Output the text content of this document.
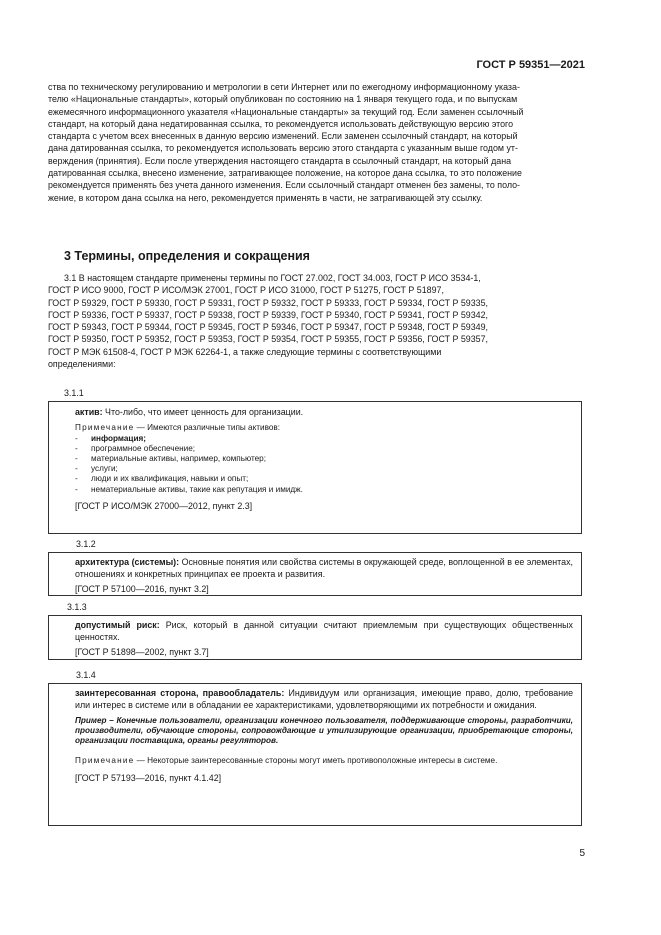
ГОСТ Р 59351—2021

ства по техническому регулированию и метрологии в сети Интернет или по ежегодному информационному указа-

телю «Национальные стандарты», который опубликован по состоянию на 1 января текущего года, и по выпускам

ежемесячного информационного указателя «Национальные стандарты» за текущий год. Если заменен ссылочный

стандарт, на который дана недатированная ссылка, то рекомендуется использовать действующую версию этого

стандарта с учетом всех внесенных в данную версию изменений. Если заменен ссылочный стандарт, на который

дана датированная ссылка, то рекомендуется использовать версию этого стандарта с указанным выше годом ут-

верждения (принятия). Если после утверждения настоящего стандарта в ссылочный стандарт, на который дана

датированная ссылка, внесено изменение, затрагивающее положение, на которое дана ссылка, то это положение

рекомендуется применять без учета данного изменения. Если ссылочный стандарт отменен без замены, то поло-

жение, в котором дана ссылка на него, рекомендуется применять в части, не затрагивающей эту ссылку.

3 Термины, определения и сокращения

3.1 В настоящем стандарте применены термины по ГОСТ 27.002, ГОСТ 34.003, ГОСТ Р ИСО 3534-1,

ГОСТ Р ИСО 9000, ГОСТ Р ИСО/МЭК 27001, ГОСТ Р ИСО 31000, ГОСТ Р 51275, ГОСТ Р 51897,

ГОСТ Р 59329, ГОСТ Р 59330, ГОСТ Р 59331, ГОСТ Р 59332, ГОСТ Р 59333, ГОСТ Р 59334, ГОСТ Р 59335,

ГОСТ Р 59336, ГОСТ Р 59337, ГОСТ Р 59338, ГОСТ Р 59339, ГОСТ Р 59340, ГОСТ Р 59341, ГОСТ Р 59342,

ГОСТ Р 59343, ГОСТ Р 59344, ГОСТ Р 59345, ГОСТ Р 59346, ГОСТ Р 59347, ГОСТ Р 59348, ГОСТ Р 59349,

ГОСТ Р 59350, ГОСТ Р 59352, ГОСТ Р 59353, ГОСТ Р 59354, ГОСТ Р 59355, ГОСТ Р 59356, ГОСТ Р 59357,

ГОСТ Р МЭК 61508-4, ГОСТ Р МЭК 62264-1, а также следующие термины с соответствующими

определениями:

3.1.1
актив: Что-либо, что имеет ценность для организации.
Примечание — Имеются различные типы активов:
- информация;
- программное обеспечение;
- материальные активы, например, компьютер;
- услуги;
- люди и их квалификация, навыки и опыт;
- нематериальные активы, такие как репутация и имидж.
[ГОСТ Р ИСО/МЭК 27000—2012, пункт 2.3]
3.1.2
архитектура (системы): Основные понятия или свойства системы в окружающей среде, воплощенной в ее элементах, отношениях и конкретных принципах ее проекта и развития.
[ГОСТ Р 57100—2016, пункт 3.2]
3.1.3
допустимый риск: Риск, который в данной ситуации считают приемлемым при существующих общественных ценностях.
[ГОСТ Р 51898—2002, пункт 3.7]
3.1.4
заинтересованная сторона, правообладатель: Индивидуум или организация, имеющие право, долю, требование или интерес в системе или в обладании ее характеристиками, удовлетворяющими их потребности и ожидания.
Пример – Конечные пользователи, организации конечного пользователя, поддерживающие стороны, разработчики, производители, обучающие стороны, сопровождающие и утилизирующие организации, приобретающие стороны, организации поставщика, органы регуляторов.
Примечание — Некоторые заинтересованные стороны могут иметь противоположные интересы в системе.
[ГОСТ Р 57193—2016, пункт 4.1.42]
5
